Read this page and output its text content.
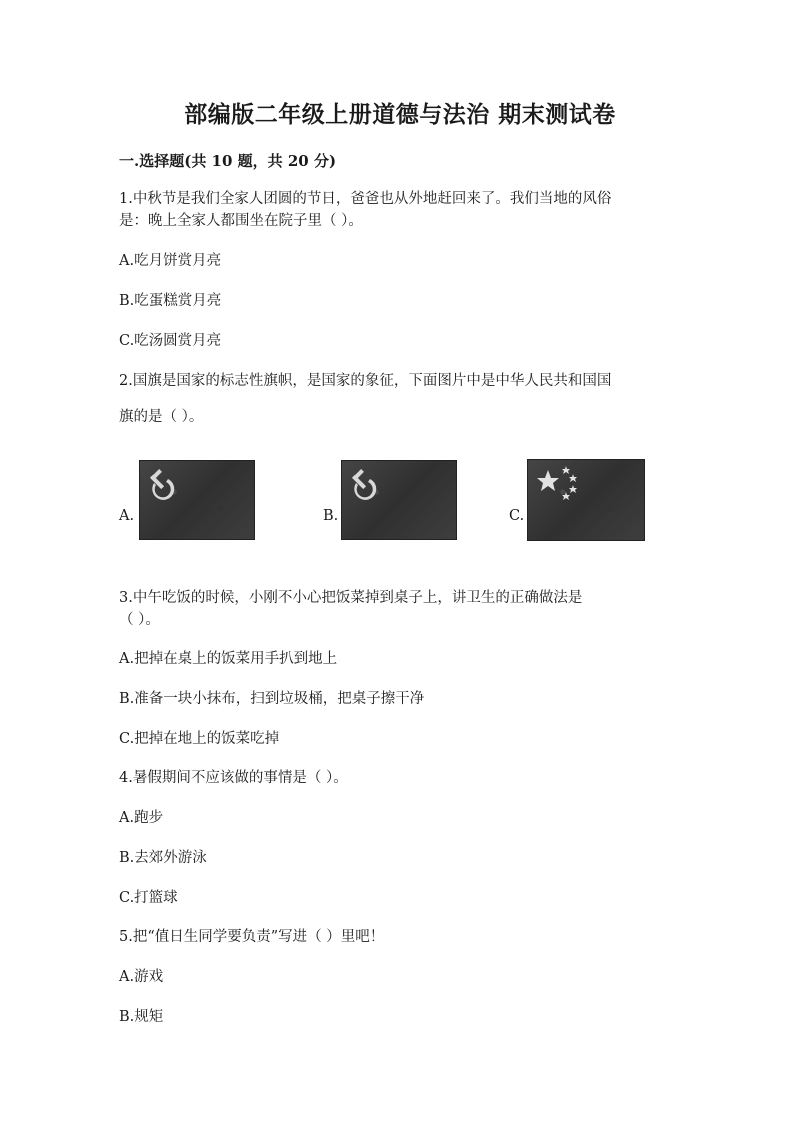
部编版二年级上册道德与法治 期末测试卷
一.选择题(共 10 题，共 20 分)
1.中秋节是我们全家人团圆的节日，爸爸也从外地赶回来了。我们当地的风俗
是：晚上全家人都围坐在院子里（ ）。
A.吃月饼赏月亮
B.吃蛋糕赏月亮
C.吃汤圆赏月亮
2.国旗是国家的标志性旗帜，是国家的象征，下面图片中是中华人民共和国国
旗的是（ ）。
A.	B.	C.
3.中午吃饭的时候，小刚不小心把饭菜掉到桌子上，讲卫生的正确做法是
（ ）。
A.把掉在桌上的饭菜用手扒到地上
B.准备一块小抹布，扫到垃圾桶，把桌子擦干净
C.把掉在地上的饭菜吃掉
4.暑假期间不应该做的事情是（ ）。
A.跑步
B.去郊外游泳
C.打篮球
5.把“值日生同学要负责”写进（ ）里吧！
A.游戏
B.规矩
